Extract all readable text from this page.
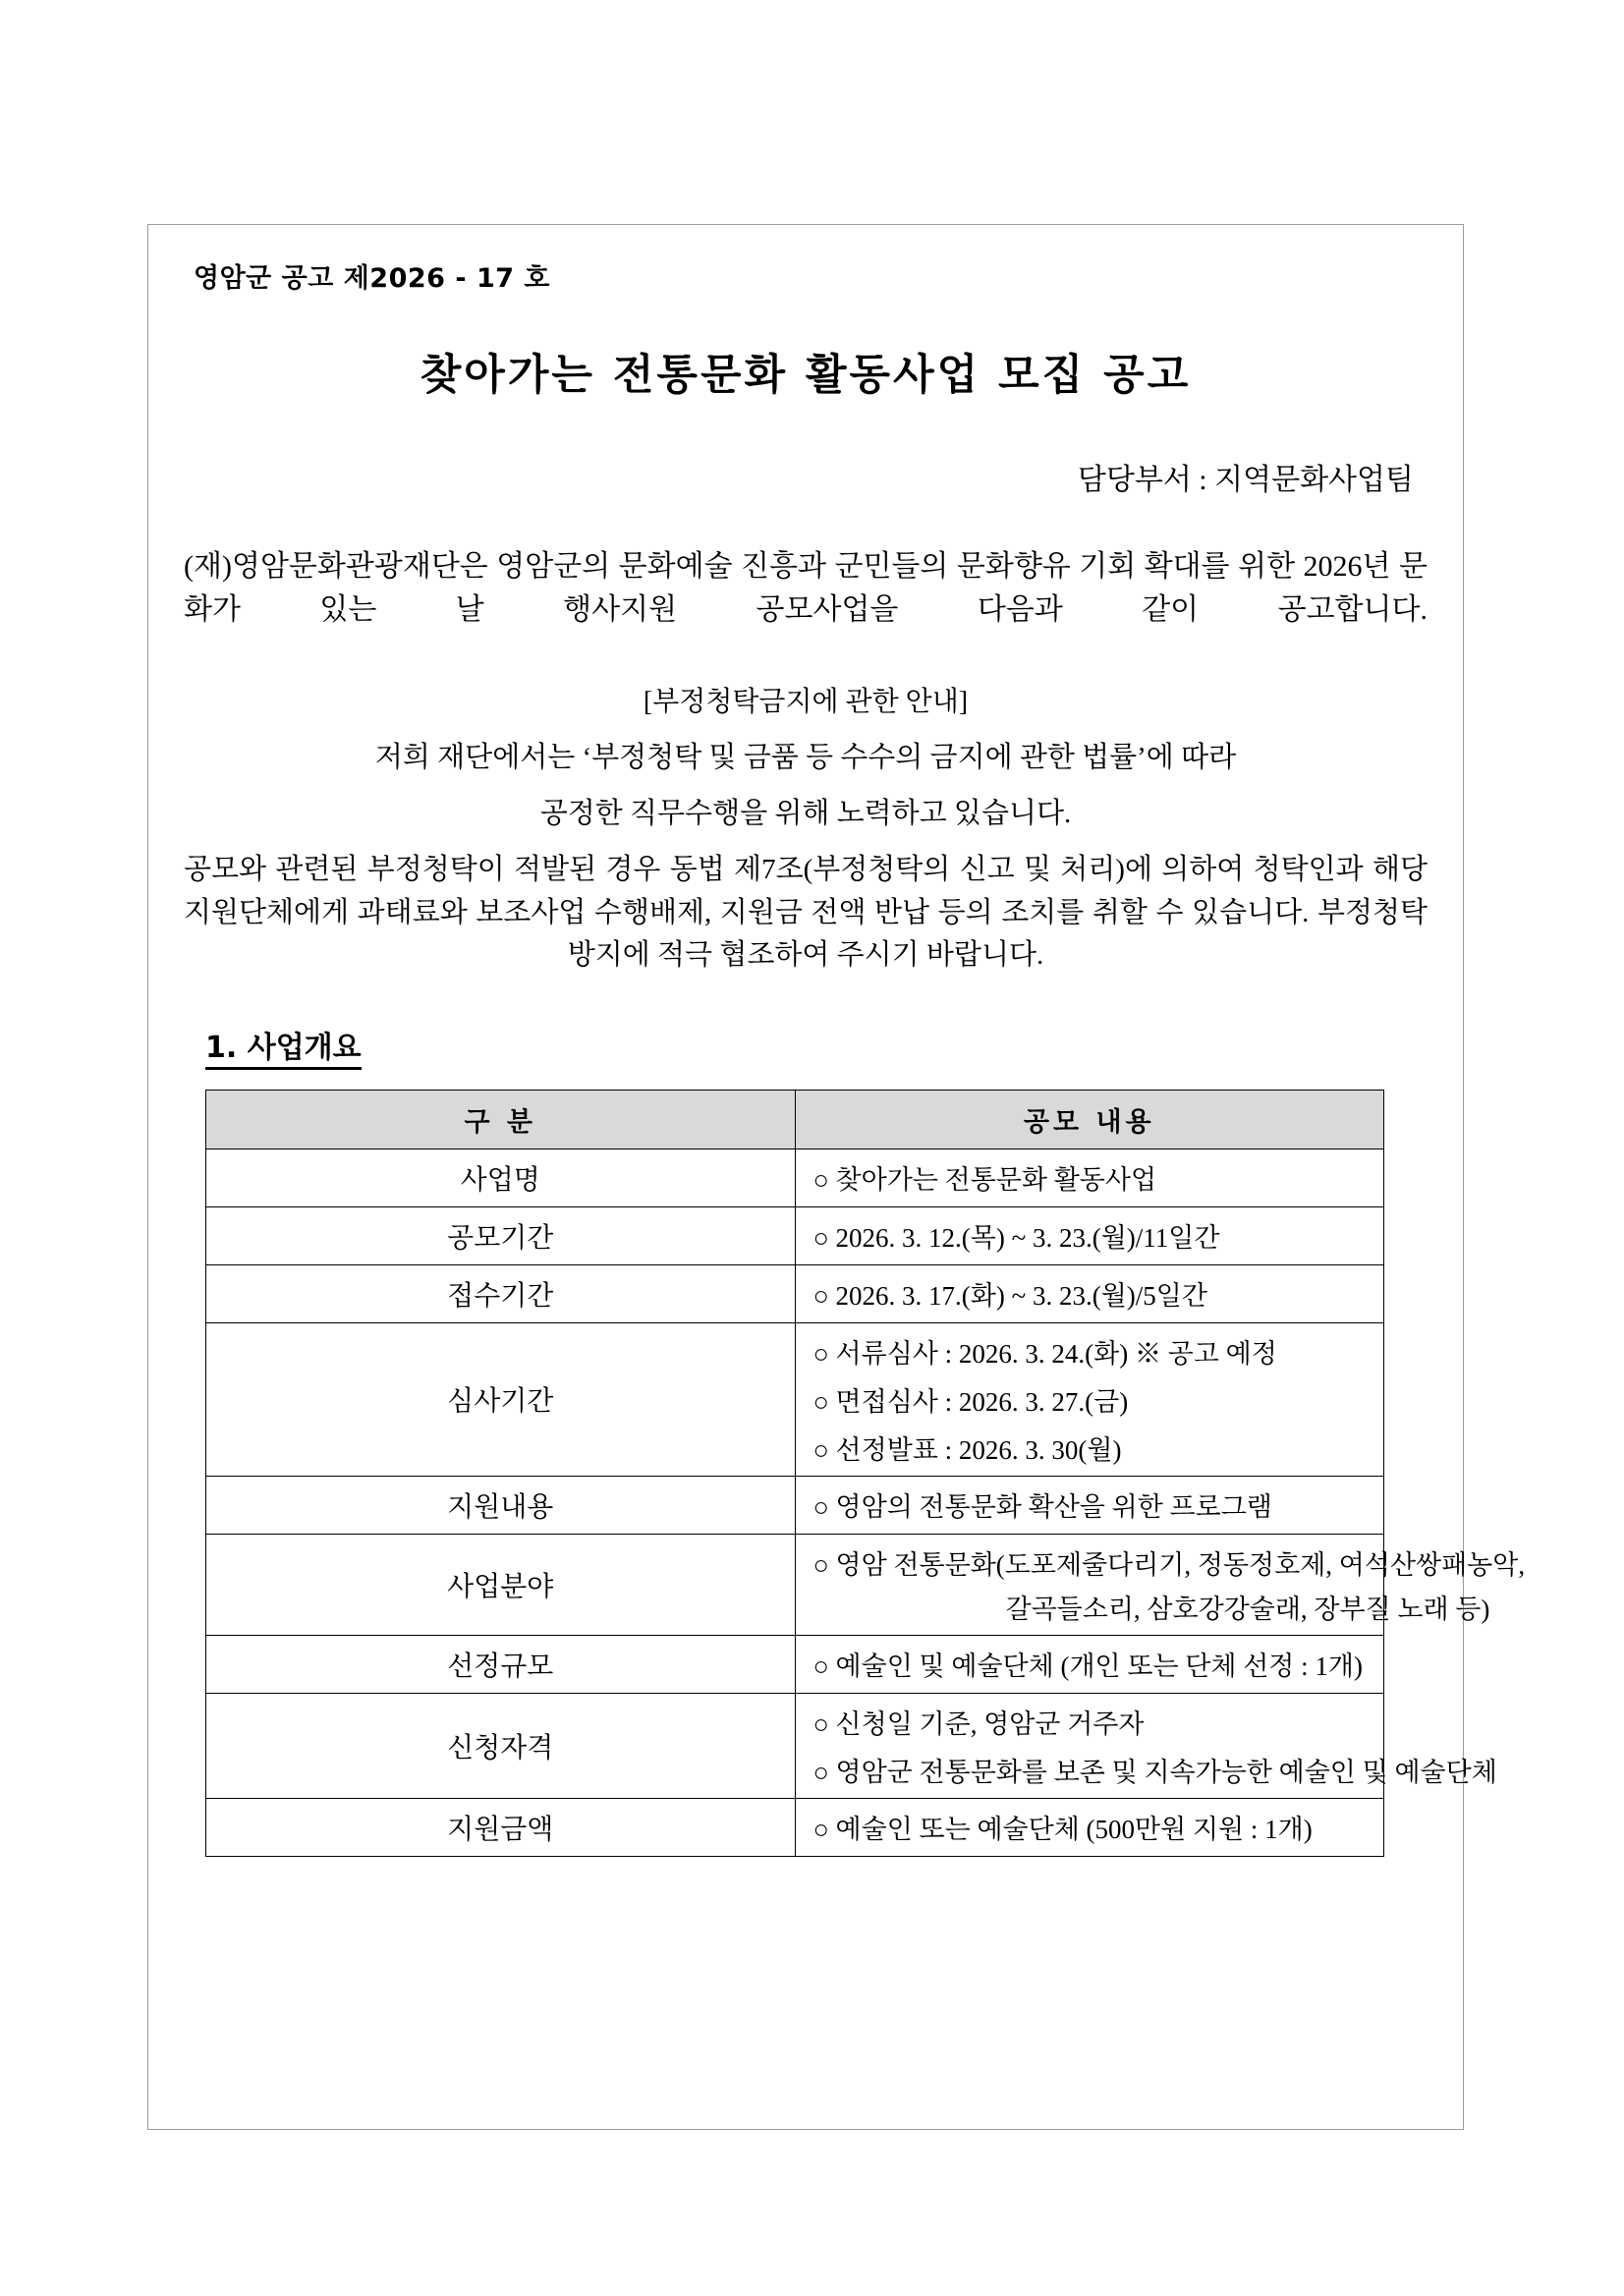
영암군 공고 제2026 - 17 호
찾아가는 전통문화 활동사업 모집 공고
담당부서 : 지역문화사업팀
(재)영암문화관광재단은 영암군의 문화예술 진흥과 군민들의 문화향유 기회 확대를 위한 2026년 문화가 있는 날 행사지원 공모사업을 다음과 같이 공고합니다.
[부정청탁금지에 관한 안내]
저희 재단에서는 ‘부정청탁 및 금품 등 수수의 금지에 관한 법률’에 따라
공정한 직무수행을 위해 노력하고 있습니다.
공모와 관련된 부정청탁이 적발된 경우 동법 제7조(부정청탁의 신고 및 처리)에 의하여 청탁인과 해당 지원단체에게 과태료와 보조사업 수행배제, 지원금 전액 반납 등의 조치를 취할 수 있습니다. 부정청탁 방지에 적극 협조하여 주시기 바랍니다.
1. 사업개요
구 분	공모 내용
사업명	○ 찾아가는 전통문화 활동사업

공모기간	○ 2026. 3. 12.(목) ~ 3. 23.(월)/11일간

접수기간	○ 2026. 3. 17.(화) ~ 3. 23.(월)/5일간

심사기간	○ 서류심사 : 2026. 3. 24.(화) ※ 공고 예정
○ 면접심사 : 2026. 3. 27.(금)
○ 선정발표 : 2026. 3. 30(월)

지원내용	○ 영암의 전통문화 확산을 위한 프로그램

사업분야	○ 영암 전통문화(도포제줄다리기, 정동정호제, 여석산쌍패농악,
갈곡들소리, 삼호강강술래, 장부질 노래 등)

선정규모	○ 예술인 및 예술단체 (개인 또는 단체 선정 : 1개)

신청자격	○ 신청일 기준, 영암군 거주자
○ 영암군 전통문화를 보존 및 지속가능한 예술인 및 예술단체

지원금액	○ 예술인 또는 예술단체 (500만원 지원 : 1개)
